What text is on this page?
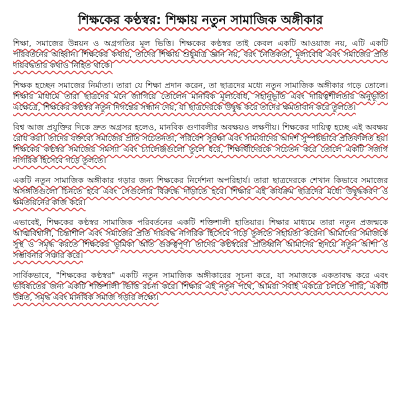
শিক্ষকের কণ্ঠস্বর: শিক্ষায় নতুন সামাজিক অঙ্গীকার

শিক্ষা, সমাজের উন্নয়ন ও অগ্রগতির মূল ভিত্তি। শিক্ষকের কণ্ঠস্বর তাই কেবল একটি আওয়াজ নয়, এটি একটি পরিবর্তনের আহ্বান। শিক্ষকের কথায়, তাদের শিক্ষায় শুধুমাত্র জ্ঞান নয়, বরং নৈতিকতা, মূল্যবোধ এবং সমাজের প্রতি দায়বদ্ধতার কথাও নিহিত থাকে।

শিক্ষক হচ্ছেন সমাজের নির্মাতা। তারা যে শিক্ষা প্রদান করেন, তা ছাত্রদের মধ্যে নতুন সামাজিক অঙ্গীকার গড়ে তোলে। শিক্ষার মাধ্যমে তারা ছাত্রদের মনে জাগিয়ে তোলেন মানবিক মূল্যবোধ, সহানুভূতি এবং দায়িত্বশীলতার অনুভূতি। এক্ষেত্রে, শিক্ষকের কণ্ঠস্বর নতুন দিগন্তের সন্ধান দেয়, যা ছাত্রদেরকে উদ্বুদ্ধ করে তাদের ক্ষমতাবান করে তুলতে।

বিশ্ব আজ প্রযুক্তির দিকে দ্রুত অগ্রসর হলেও, মানবিক গুণাবলীর অবক্ষয়ও লক্ষণীয়। শিক্ষকের দায়িত্ব হচ্ছে এই অবক্ষয় রোধ করা। তাদের বক্তব্যে সমাজের প্রতি সচেতনতা, পরিবেশ সুরক্ষা এবং সাম্যবাদের আদর্শ সুস্পষ্টভাবে প্রতিফলিত হয়। শিক্ষকের কণ্ঠস্বর সমাজের সমস্যা এবং চ্যালেঞ্জগুলো তুলে ধরে, শিক্ষার্থীদেরকে সচেতন করে তোলে একটি সজাগ নাগরিক হিসেবে গড়ে তুলতে।

একটি নতুন সামাজিক অঙ্গীকার গড়ার জন্য শিক্ষকের নির্দেশনা অপরিহার্য। তারা ছাত্রদেরকে শেখান কিভাবে সমাজের অসঙ্গতিগুলো চিনতে হবে এবং সেগুলোর বিরুদ্ধে দাঁড়াতে হবে। শিক্ষার এই কার্যক্রম ছাত্রদের মধ্যে উদ্বুদ্ধকরণ ও ক্ষমতায়নের কাজ করে।

এভাবেই, শিক্ষকের কণ্ঠস্বর সামাজিক পরিবর্তনের একটি শক্তিশালী হাতিয়ার। শিক্ষার মাধ্যমে তারা নতুন প্রজন্মকে আত্মবিশ্বাসী, চিন্তাশীল এবং সমাজের প্রতি দায়বদ্ধ নাগরিক হিসেবে গড়ে তুলতে সহায়তা করেন। আমাদের সমাজকে সুস্থ ও সমৃদ্ধ করতে শিক্ষকের ভূমিকা অতি গুরুত্বপূর্ণ। তাদের কণ্ঠস্বরের প্রতিধ্বনি আমাদের হৃদয়ে নতুন আশা ও সম্ভাবনার সঞ্চার করে।

সার্বিকভাবে, "শিক্ষকের কণ্ঠস্বর" একটি নতুন সামাজিক অঙ্গীকারের সূচনা করে, যা সমাজকে একতাবদ্ধ করে এবং ভবিষ্যতের জন্য একটি শক্তিশালী ভিত্তি রচনা করে। শিক্ষার এই নতুন পথে, আমরা সবাই একত্রে চলতে পারি, একটি উন্নত, সমৃদ্ধ এবং মানবিক সমাজ গড়ার লক্ষ্যে।
